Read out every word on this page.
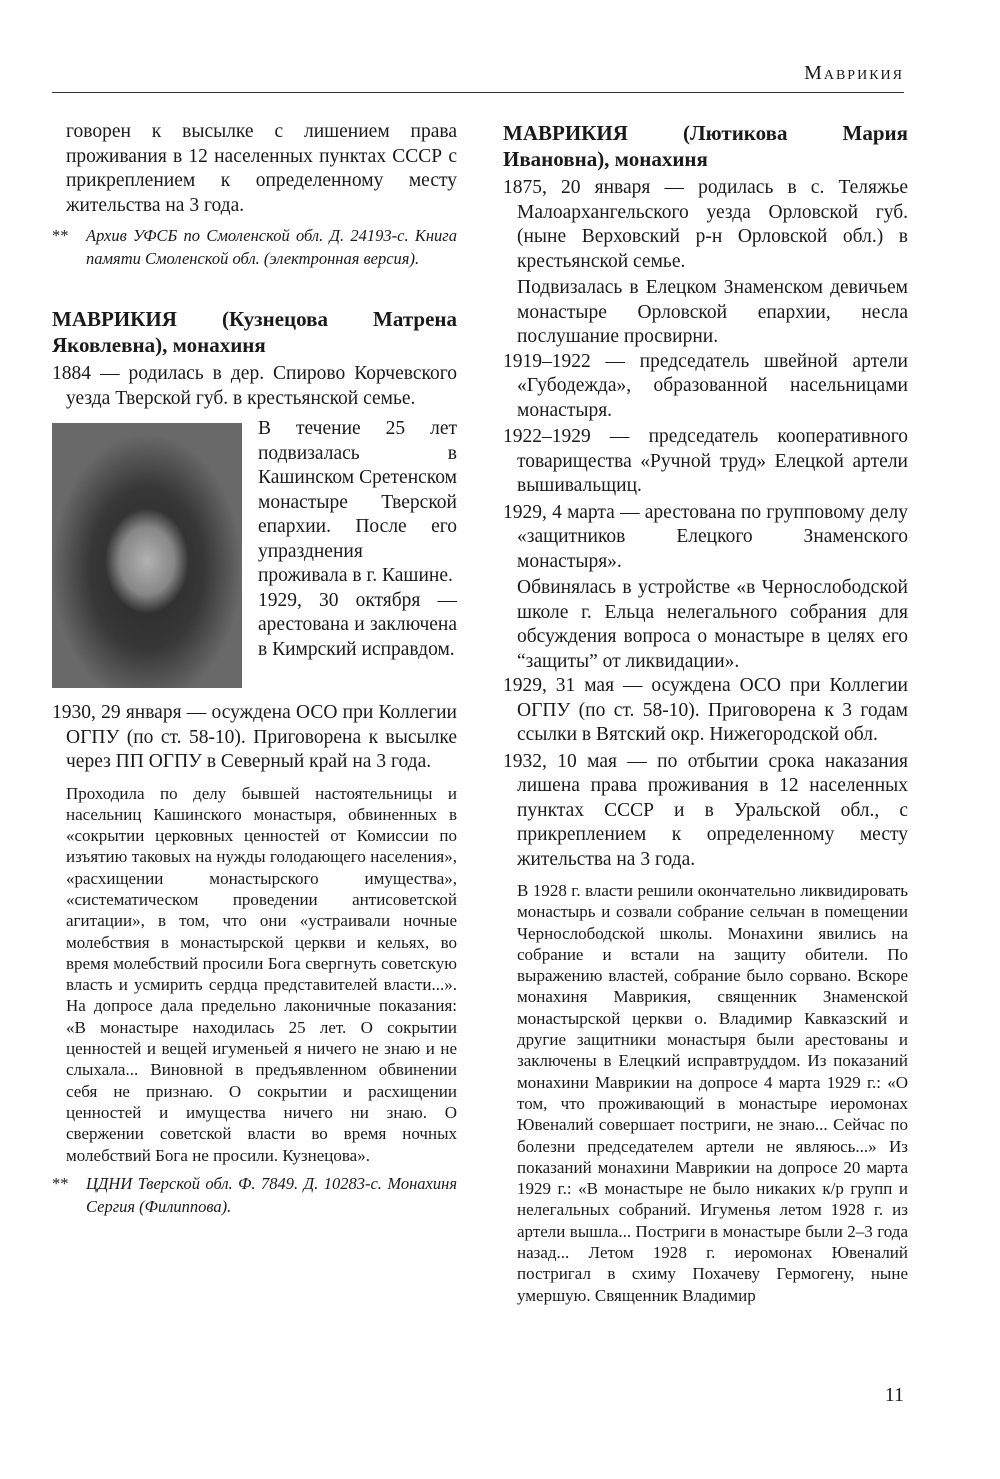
Маврикия

говорен к высылке с лишением права проживания в 12 населенных пунктах СССР с прикреплением к определенному месту жительства на 3 года.

** Архив УФСБ по Смоленской обл. Д. 24193-с. Книга памяти Смоленской обл. (электронная версия).
МАВРИКИЯ (Кузнецова Матрена Яковлевна), монахиня

1884 — родилась в дер. Спирово Корчевского уезда Тверской губ. в крестьянской семье.

В течение 25 лет подвизалась в Кашинском Сретенском монастыре Тверской епархии. После его упразднения проживала в г. Кашине.

1929, 30 октября — арестована и заключена в Кимрский исправдом.

1930, 29 января — осуждена ОСО при Коллегии ОГПУ (по ст. 58-10). Приговорена к высылке через ПП ОГПУ в Северный край на 3 года.

Проходила по делу бывшей настоятельницы и насельниц Кашинского монастыря, обвиненных в «сокрытии церковных ценностей от Комиссии по изъятию таковых на нужды голодающего населения», «расхищении монастырского имущества», «систематическом проведении антисоветской агитации», в том, что они «устраивали ночные молебствия в монастырской церкви и кельях, во время молебствий просили Бога свергнуть советскую власть и усмирить сердца представителей власти...». На допросе дала предельно лаконичные показания: «В монастыре находилась 25 лет. О сокрытии ценностей и вещей игуменьей я ничего не знаю и не слыхала... Виновной в предъявленном обвинении себя не признаю. О сокрытии и расхищении ценностей и имущества ничего ни знаю. О свержении советской власти во время ночных молебствий Бога не просили. Кузнецова».

** ЦДНИ Тверской обл. Ф. 7849. Д. 10283-с. Монахиня Сергия (Филиппова).
МАВРИКИЯ (Лютикова Мария Ивановна), монахиня

1875, 20 января — родилась в с. Теляжье Малоархангельского уезда Орловской губ. (ныне Верховский р-н Орловской обл.) в крестьянской семье.

Подвизалась в Елецком Знаменском девичьем монастыре Орловской епархии, несла послушание просвирни.

1919–1922 — председатель швейной артели «Губодежда», образованной насельницами монастыря.

1922–1929 — председатель кооперативного товарищества «Ручной труд» Елецкой артели вышивальщиц.

1929, 4 марта — арестована по групповому делу «защитников Елецкого Знаменского монастыря».

Обвинялась в устройстве «в Чернослободской школе г. Ельца нелегального собрания для обсуждения вопроса о монастыре в целях его “защиты” от ликвидации».

1929, 31 мая — осуждена ОСО при Коллегии ОГПУ (по ст. 58-10). Приговорена к 3 годам ссылки в Вятский окр. Нижегородской обл.

1932, 10 мая — по отбытии срока наказания лишена права проживания в 12 населенных пунктах СССР и в Уральской обл., с прикреплением к определенному месту жительства на 3 года.

В 1928 г. власти решили окончательно ликвидировать монастырь и созвали собрание сельчан в помещении Чернослободской школы. Монахини явились на собрание и встали на защиту обители. По выражению властей, собрание было сорвано. Вскоре монахиня Маврикия, священник Знаменской монастырской церкви о. Владимир Кавказский и другие защитники монастыря были арестованы и заключены в Елецкий исправтруддом. Из показаний монахини Маврикии на допросе 4 марта 1929 г.: «О том, что проживающий в монастыре иеромонах Ювеналий совершает постриги, не знаю... Сейчас по болезни председателем артели не являюсь...» Из показаний монахини Маврикии на допросе 20 марта 1929 г.: «В монастыре не было никаких к/р групп и нелегальных собраний. Игуменья летом 1928 г. из артели вышла... Постриги в монастыре были 2–3 года назад... Летом 1928 г. иеромонах Ювеналий постригал в схиму Похачеву Гермогену, ныне умершую. Священник Владимир

11
